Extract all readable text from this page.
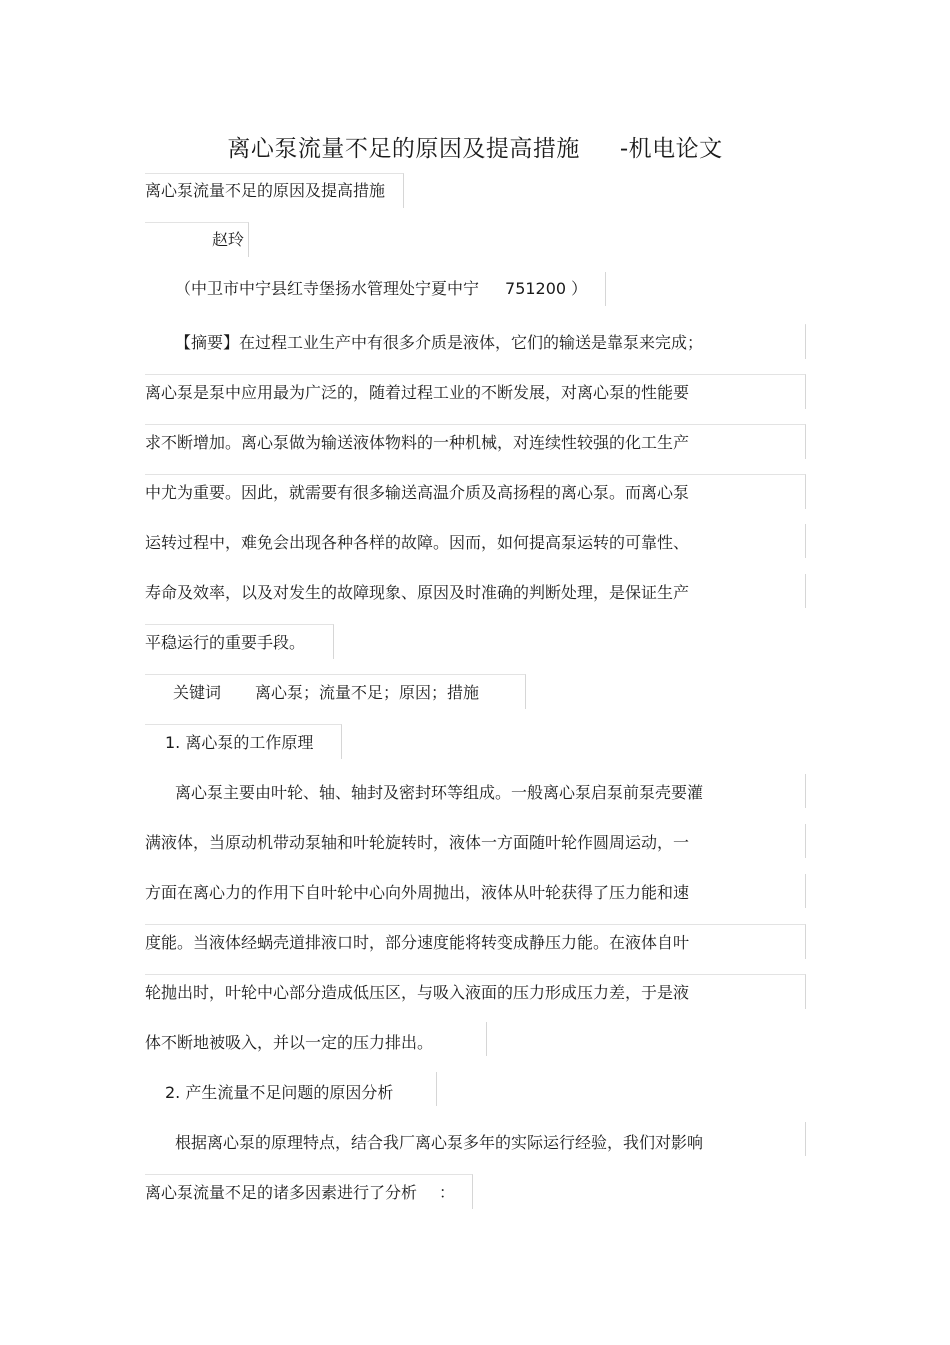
离心泵流量不足的原因及提高措施 -机电论文
离心泵流量不足的原因及提高措施
赵玲
（中卫市中宁县红寺堡扬水管理处宁夏中宁 751200 ）
【摘要】在过程工业生产中有很多介质是液体，它们的输送是靠泵来完成；
离心泵是泵中应用最为广泛的，随着过程工业的不断发展，对离心泵的性能要
求不断增加。离心泵做为输送液体物料的一种机械，对连续性较强的化工生产
中尤为重要。因此，就需要有很多输送高温介质及高扬程的离心泵。而离心泵
运转过程中，难免会出现各种各样的故障。因而，如何提高泵运转的可靠性、
寿命及效率，以及对发生的故障现象、原因及时准确的判断处理，是保证生产
平稳运行的重要手段。
关键词 离心泵；流量不足；原因；措施
1. 离心泵的工作原理
离心泵主要由叶轮、轴、轴封及密封环等组成。一般离心泵启泵前泵壳要灌
满液体，当原动机带动泵轴和叶轮旋转时，液体一方面随叶轮作圆周运动，一
方面在离心力的作用下自叶轮中心向外周抛出，液体从叶轮获得了压力能和速
度能。当液体经蜗壳道排液口时，部分速度能将转变成静压力能。在液体自叶
轮抛出时，叶轮中心部分造成低压区，与吸入液面的压力形成压力差，于是液
体不断地被吸入，并以一定的压力排出。
2. 产生流量不足问题的原因分析
根据离心泵的原理特点，结合我厂离心泵多年的实际运行经验，我们对影响
离心泵流量不足的诸多因素进行了分析 ：
